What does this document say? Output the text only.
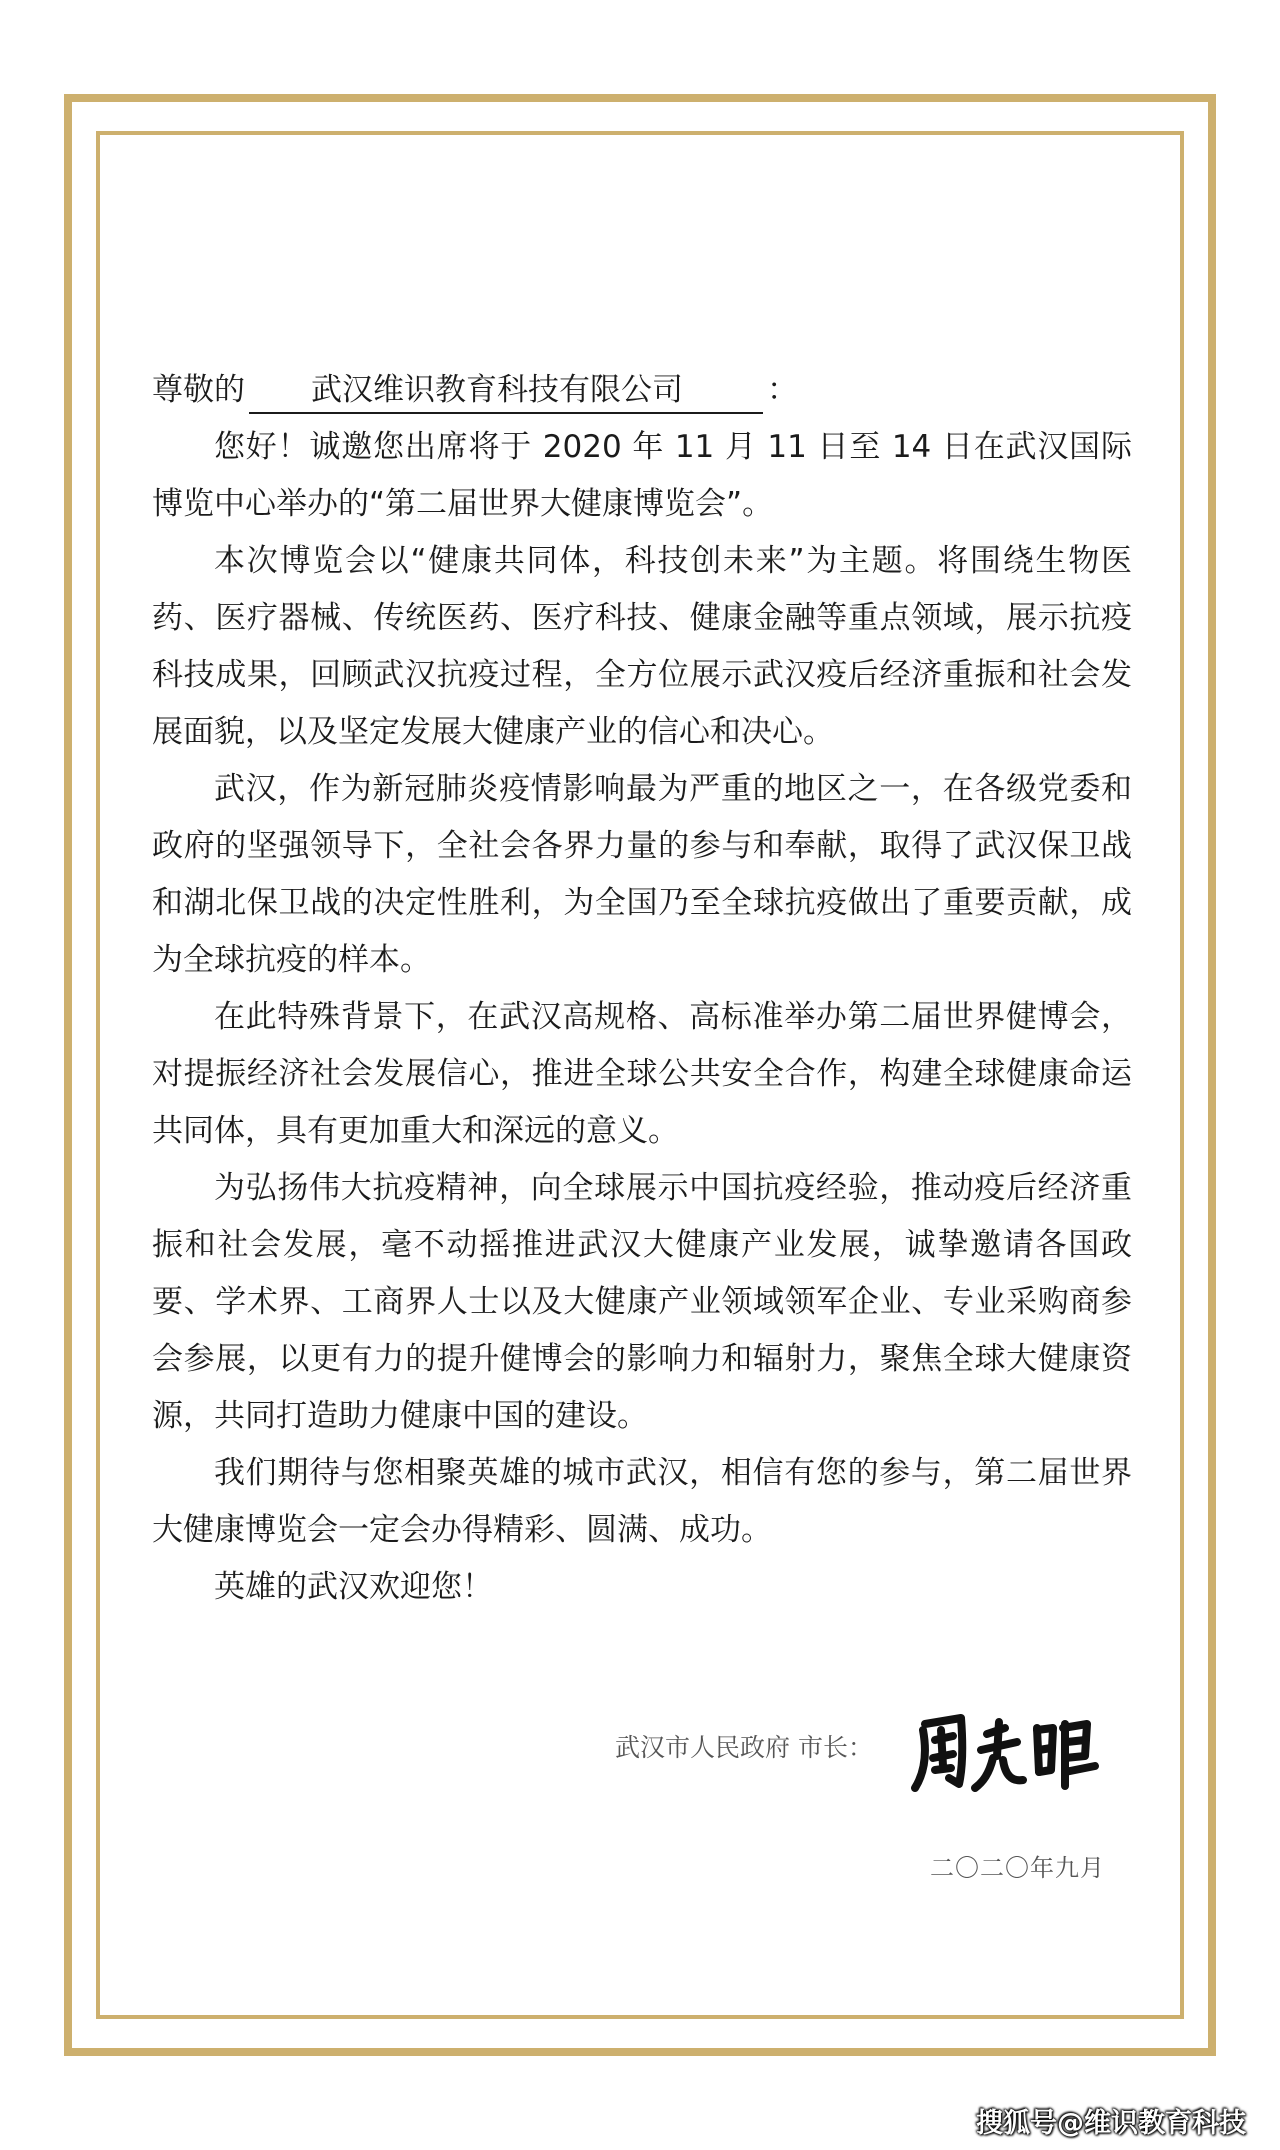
尊敬的 武汉维识教育科技有限公司	：

您好！诚邀您出席将于 2020 年 11 月 11 日至 14 日在武汉国际博览中心举办的“第二届世界大健康博览会”。

本次博览会以“健康共同体，科技创未来”为主题。将围绕生物医药、医疗器械、传统医药、医疗科技、健康金融等重点领域，展示抗疫科技成果，回顾武汉抗疫过程，全方位展示武汉疫后经济重振和社会发展面貌，以及坚定发展大健康产业的信心和决心。

武汉，作为新冠肺炎疫情影响最为严重的地区之一，在各级党委和政府的坚强领导下，全社会各界力量的参与和奉献，取得了武汉保卫战和湖北保卫战的决定性胜利，为全国乃至全球抗疫做出了重要贡献，成为全球抗疫的样本。

在此特殊背景下，在武汉高规格、高标准举办第二届世界健博会，对提振经济社会发展信心，推进全球公共安全合作，构建全球健康命运共同体，具有更加重大和深远的意义。

为弘扬伟大抗疫精神，向全球展示中国抗疫经验，推动疫后经济重振和社会发展，毫不动摇推进武汉大健康产业发展，诚挚邀请各国政要、学术界、工商界人士以及大健康产业领域领军企业、专业采购商参会参展，以更有力的提升健博会的影响力和辐射力，聚焦全球大健康资源，共同打造助力健康中国的建设。

我们期待与您相聚英雄的城市武汉，相信有您的参与，第二届世界大健康博览会一定会办得精彩、圆满、成功。

英雄的武汉欢迎您！

武汉市人民政府 市长：
二〇二〇年九月
搜狐号@维识教育科技
